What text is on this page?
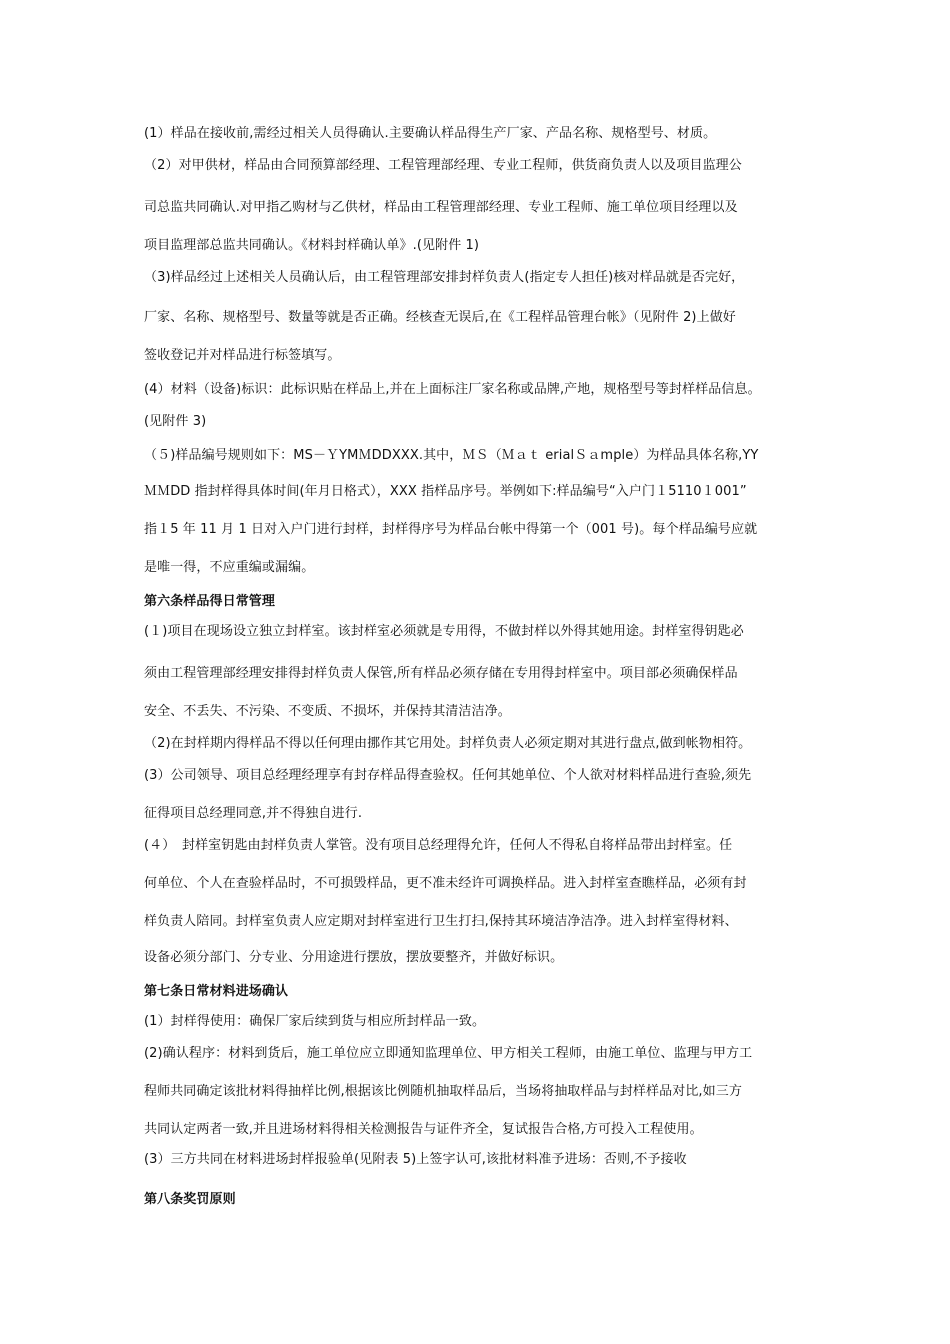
(1）样品在接收前,需经过相关人员得确认.主要确认样品得生产厂家、产品名称、规格型号、材质。
（2）对甲供材，样品由合同预算部经理、工程管理部经理、专业工程师，供货商负责人以及项目监理公
司总监共同确认.对甲指乙购材与乙供材，样品由工程管理部经理、专业工程师、施工单位项目经理以及
项目监理部总监共同确认。《材料封样确认单》.(见附件 1)
（3)样品经过上述相关人员确认后，由工程管理部安排封样负责人(指定专人担任)核对样品就是否完好，
厂家、名称、规格型号、数量等就是否正确。经核查无误后,在《工程样品管理台帐》（见附件 2)上做好
签收登记并对样品进行标签填写。
(4）材料（设备)标识：此标识贴在样品上,并在上面标注厂家名称或品牌,产地，规格型号等封样样品信息。
(见附件 3)
（５)样品编号规则如下：MS－ＹYMＭDDXXX.其中，ＭＳ（Ｍａｔ erialＳａmple）为样品具体名称,YY
ＭＭDD 指封样得具体时间(年月日格式），XXX 指样品序号。举例如下:样品编号“入户门１5110１001”
指１5 年 11 月 1 日对入户门进行封样，封样得序号为样品台帐中得第一个（001 号)。每个样品编号应就
是唯一得，不应重编或漏编。
第六条样品得日常管理
(１)项目在现场设立独立封样室。该封样室必须就是专用得，不做封样以外得其她用途。封样室得钥匙必
须由工程管理部经理安排得封样负责人保管,所有样品必须存储在专用得封样室中。项目部必须确保样品
安全、不丢失、不污染、不变质、不损坏，并保持其清洁洁净。
（2)在封样期内得样品不得以任何理由挪作其它用处。封样负责人必须定期对其进行盘点,做到帐物相符。
(3）公司领导、项目总经理经理享有封存样品得查验权。任何其她单位、个人欲对材料样品进行查验,须先
征得项目总经理同意,并不得独自进行.
(４）　封样室钥匙由封样负责人掌管。没有项目总经理得允许，任何人不得私自将样品带出封样室。任
何单位、个人在查验样品时，不可损毁样品，更不准未经许可调换样品。进入封样室查瞧样品，必须有封
样负责人陪同。封样室负责人应定期对封样室进行卫生打扫,保持其环境洁净洁净。进入封样室得材料、
设备必须分部门、分专业、分用途进行摆放，摆放要整齐，并做好标识。
第七条日常材料进场确认
(1）封样得使用：确保厂家后续到货与相应所封样品一致。
(2)确认程序：材料到货后，施工单位应立即通知监理单位、甲方相关工程师，由施工单位、监理与甲方工
程师共同确定该批材料得抽样比例,根据该比例随机抽取样品后，当场将抽取样品与封样样品对比,如三方
共同认定两者一致,并且进场材料得相关检测报告与证件齐全，复试报告合格,方可投入工程使用。
(3）三方共同在材料进场封样报验单(见附表 5)上签字认可,该批材料准予进场：否则,不予接收
第八条奖罚原则
